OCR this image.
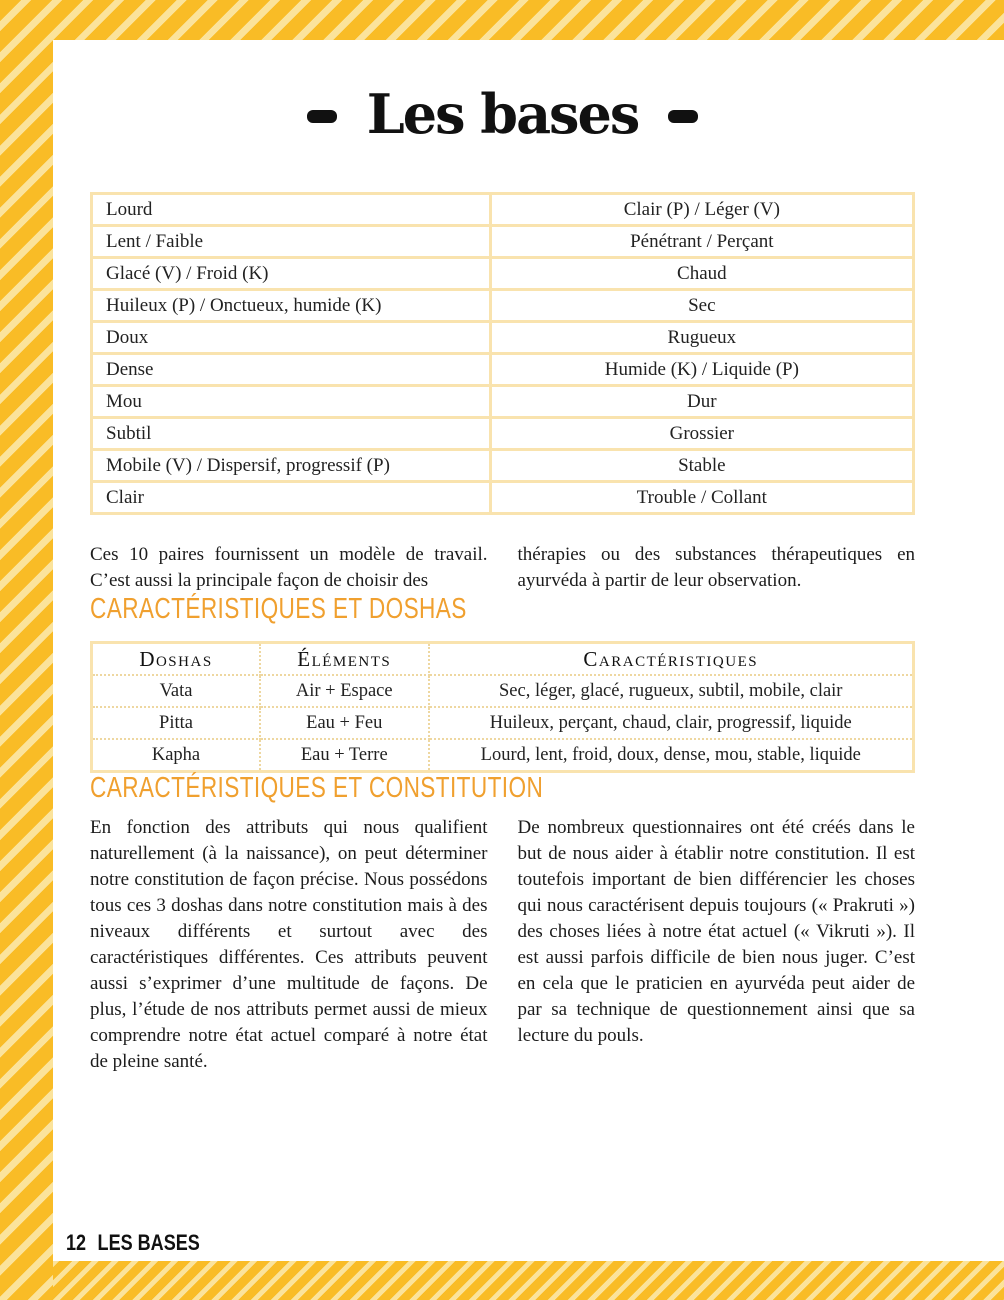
Les bases
Lourd	Clair (P) / Léger (V)
Lent / Faible	Pénétrant / Perçant
Glacé (V) / Froid (K)	Chaud
Huileux (P) / Onctueux, humide (K)	Sec
Doux	Rugueux
Dense	Humide (K) / Liquide (P)
Mou	Dur
Subtil	Grossier
Mobile (V) / Dispersif, progressif (P)	Stable
Clair	Trouble / Collant

Ces 10 paires fournissent un modèle de travail. C’est aussi la principale façon de choisir des

thérapies ou des substances thérapeutiques en ayurvéda à partir de leur observation.

CARACTÉRISTIQUES ET DOSHAS
Doshas	Éléments	Caractéristiques
Vata	Air + Espace	Sec, léger, glacé, rugueux, subtil, mobile, clair
Pitta	Eau + Feu	Huileux, perçant, chaud, clair, progressif, liquide
Kapha	Eau + Terre	Lourd, lent, froid, doux, dense, mou, stable, liquide
CARACTÉRISTIQUES ET CONSTITUTION

En fonction des attributs qui nous qualifient naturellement (à la naissance), on peut déterminer notre constitution de façon précise. Nous possédons tous ces 3 doshas dans notre constitution mais à des niveaux différents et surtout avec des caractéristiques différentes. Ces attributs peuvent aussi s’exprimer d’une multitude de façons. De plus, l’étude de nos attributs permet aussi de mieux comprendre notre état actuel comparé à notre état de pleine santé.

De nombreux questionnaires ont été créés dans le but de nous aider à établir notre constitution. Il est toutefois important de bien différencier les choses qui nous caractérisent depuis toujours (« Prakruti ») des choses liées à notre état actuel (« Vikruti »). Il est aussi parfois difficile de bien nous juger. C’est en cela que le praticien en ayurvéda peut aider de par sa technique de questionnement ainsi que sa lecture du pouls.

12 LES BASES
